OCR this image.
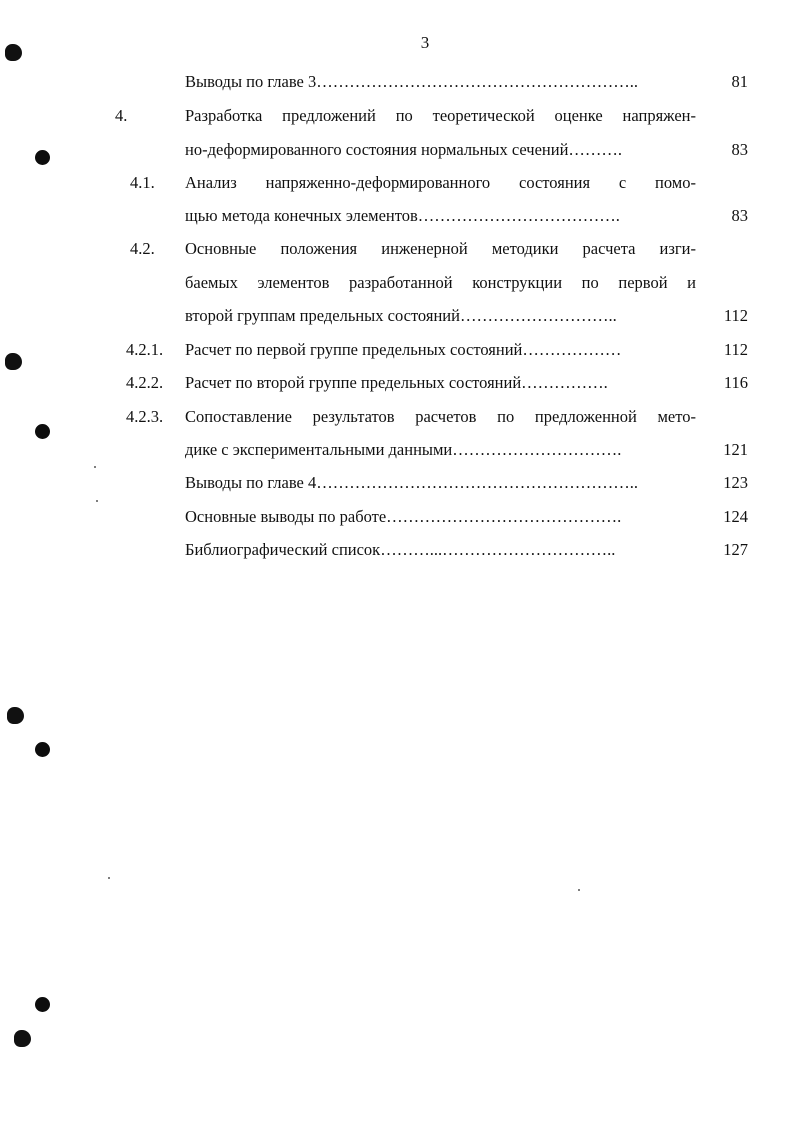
3
Выводы по главе 3…………………………………………………..	81
4.	Разработка предложений по теоретической оценке напряжен-
но-деформированного состояния нормальных сечений……….	83
4.1. Анализ напряженно-деформированного состояния с помо-
щью метода конечных элементов……………………………….	83
4.2. Основные положения инженерной методики расчета изги-
баемых элементов разработанной конструкции по первой и
второй группам предельных состояний………………………..	112
4.2.1. Расчет по первой группе предельных состояний………………	112
4.2.2. Расчет по второй группе предельных состояний…………….	116
4.2.3. Сопоставление результатов расчетов по предложенной мето-
дике с экспериментальными данными………………………….	121
Выводы по главе 4…………………………………………………..	123
Основные выводы по работе…………………………………….	124
Библиографический список………...…………………………..	127
